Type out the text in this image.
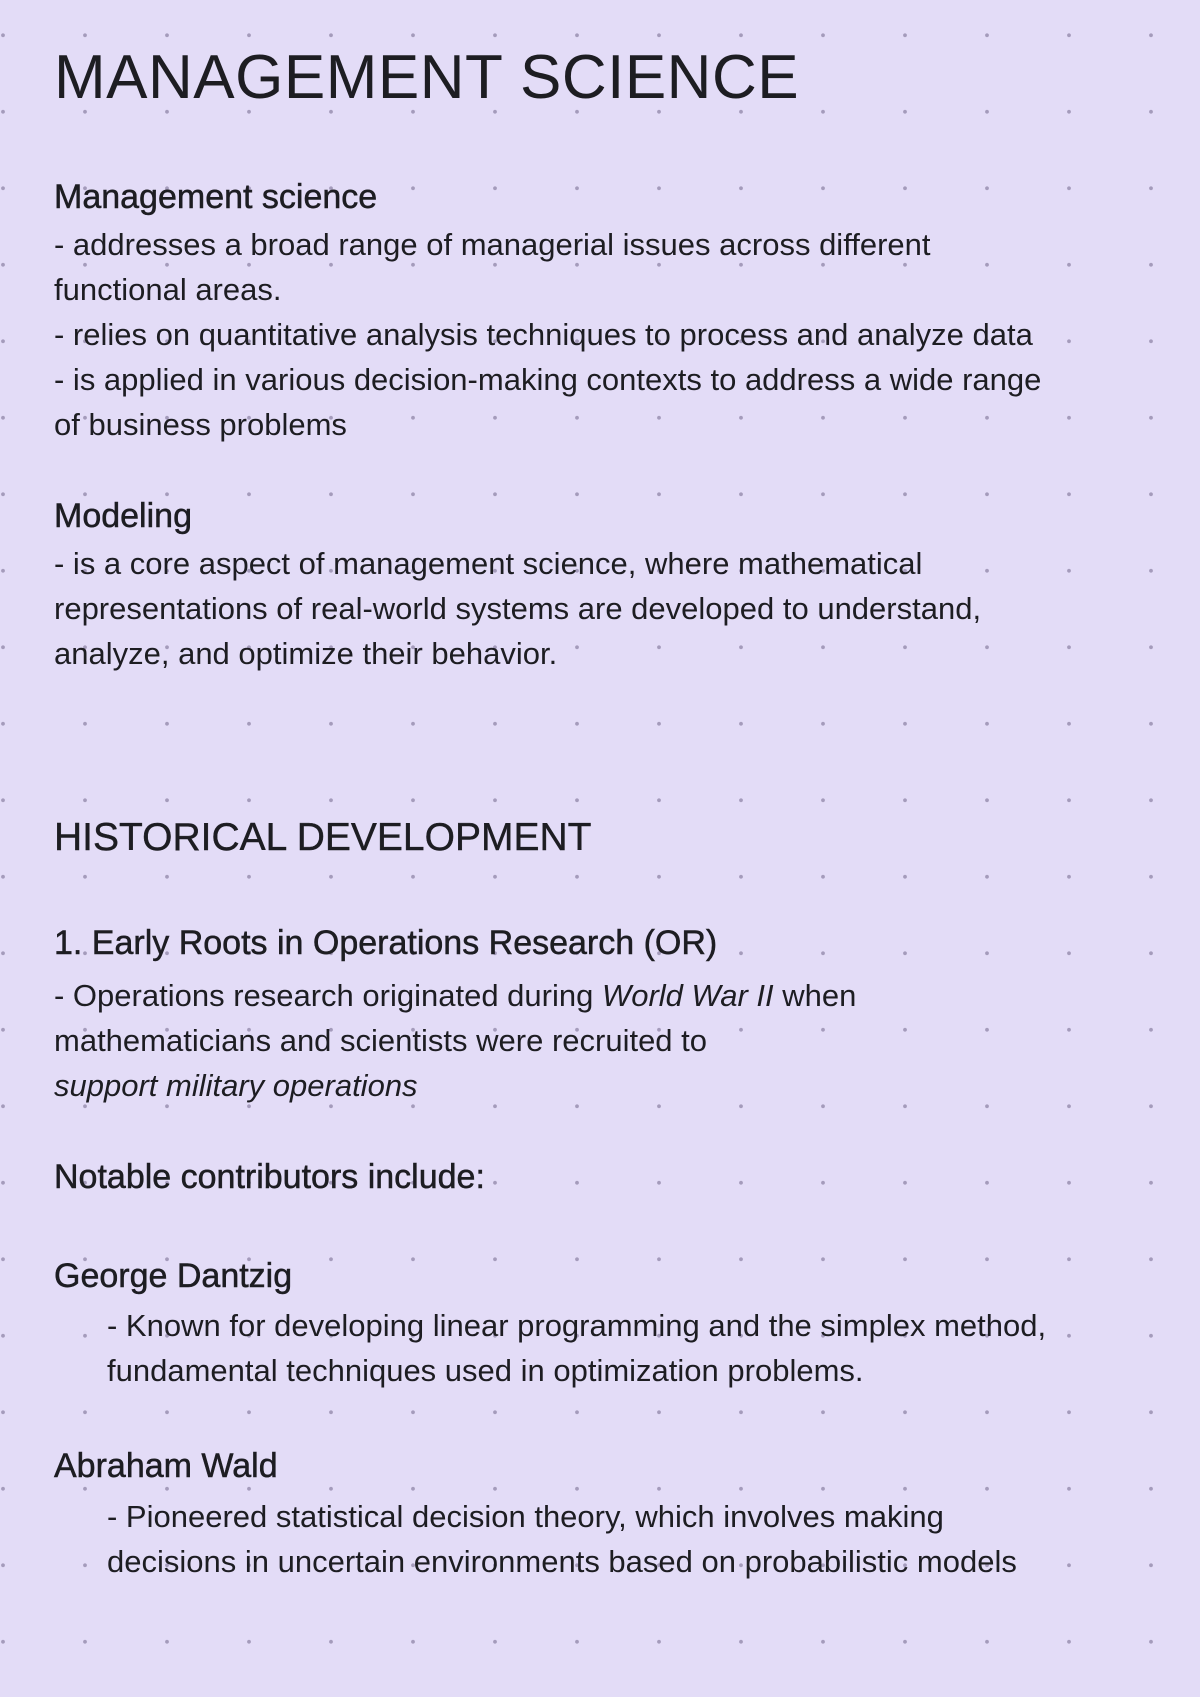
MANAGEMENT SCIENCE
Management science
- addresses a broad range of managerial issues across different
functional areas.
- relies on quantitative analysis techniques to process and analyze data
- is applied in various decision-making contexts to address a wide range
of business problems
Modeling
- is a core aspect of management science, where mathematical
representations of real-world systems are developed to understand,
analyze, and optimize their behavior.
HISTORICAL DEVELOPMENT
1. Early Roots in Operations Research (OR)
- Operations research originated during World War II when
mathematicians and scientists were recruited to
support military operations
Notable contributors include:
George Dantzig
- Known for developing linear programming and the simplex method,
fundamental techniques used in optimization problems.
Abraham Wald
- Pioneered statistical decision theory, which involves making
decisions in uncertain environments based on probabilistic models
